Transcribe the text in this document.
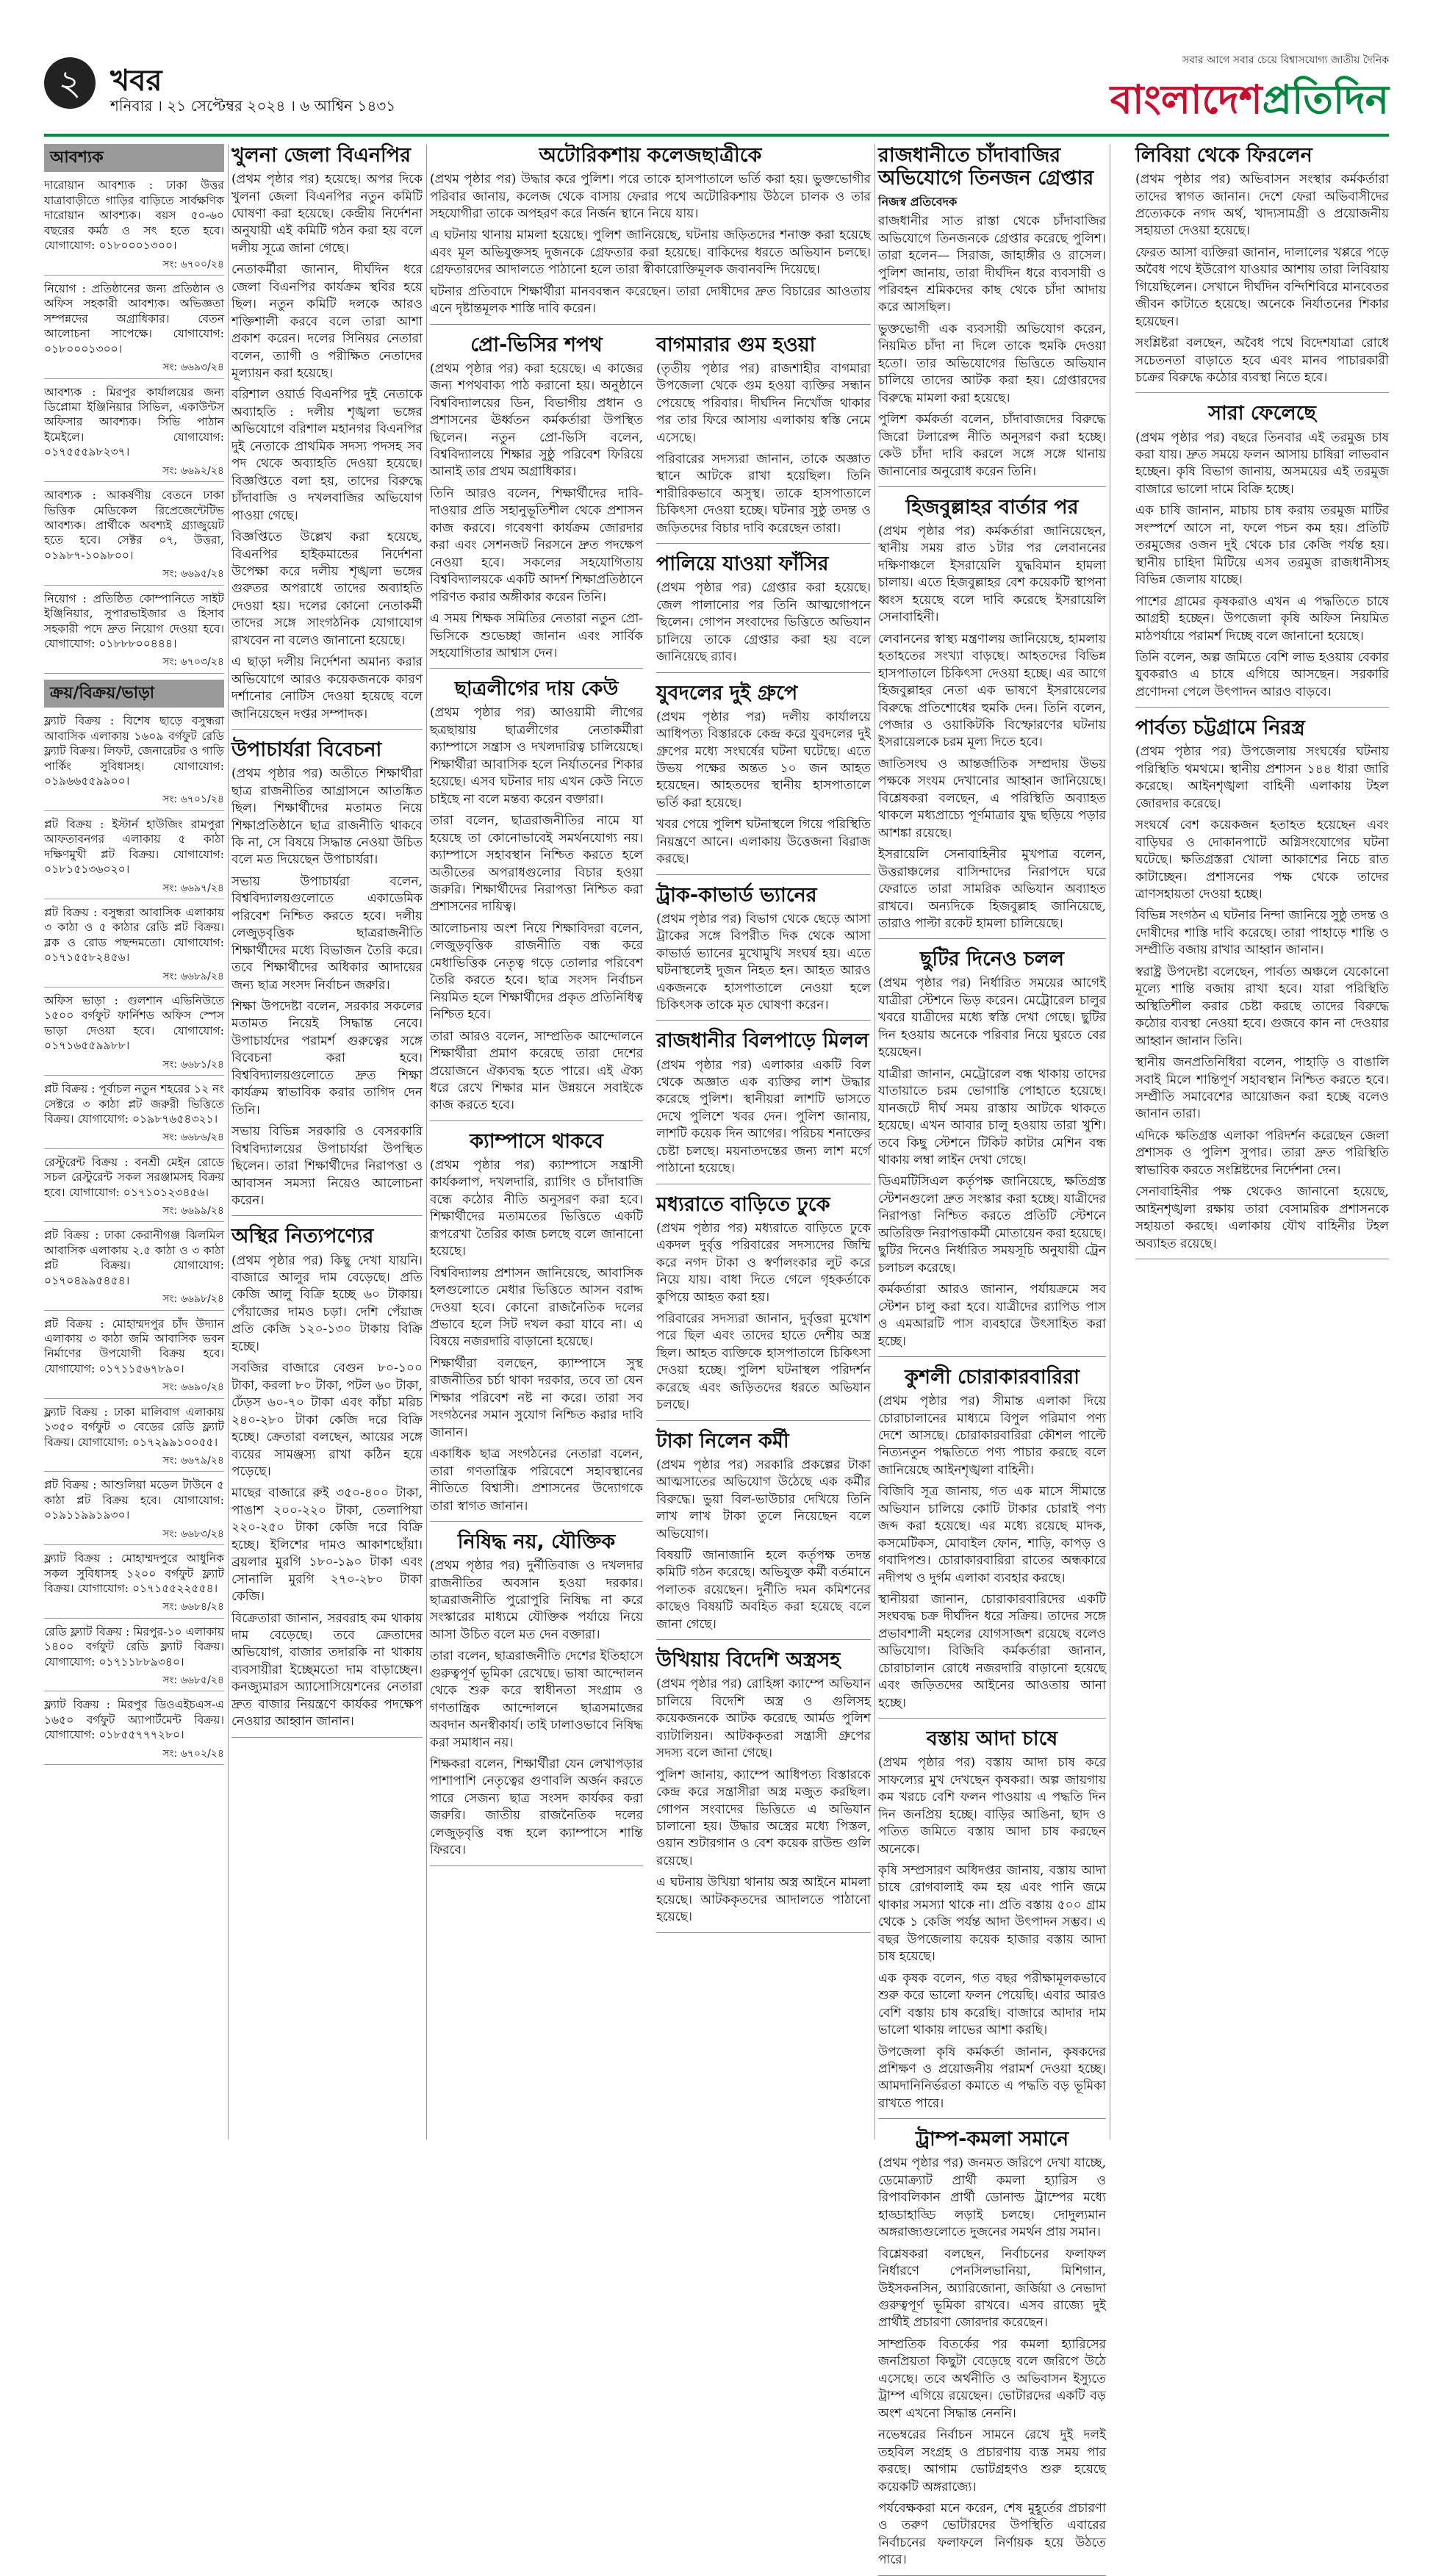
২ খবর
শনিবার । ২১ সেপ্টেম্বর ২০২৪ । ৬ আশ্বিন ১৪৩১
সবার আগে সবার চেয়ে বিশ্বাসযোগ্য জাতীয় দৈনিক
বাংলাদেশপ্রতিদিন
আবশ্যক

দারোয়ান আবশ্যক : ঢাকা উত্তর যাত্রাবাড়ীতে গাড়ির বাড়িতে সার্বক্ষণিক দারোয়ান আবশ্যক। বয়স ৫০-৬০ বছরের কর্মঠ ও সৎ হতে হবে। যোগাযোগ: ০১৮০০০১৩০০।

সং: ৬৭০০/২৪

নিয়োগ : প্রতিষ্ঠানের জন্য প্রতিষ্ঠান ও অফিস সহকারী আবশ্যক। অভিজ্ঞতা সম্পন্নদের অগ্রাধিকার। বেতন আলোচনা সাপেক্ষে। যোগাযোগ: ০১৮০০০১৩০০।

সং: ৬৬৯৩/২৪

আবশ্যক : মিরপুর কার্যালয়ের জন্য ডিপ্লোমা ইঞ্জিনিয়ার সিভিল, একাউন্টস অফিসার আবশ্যক। সিভি পাঠান ইমেইলে। যোগাযোগ: ০১৭৫৫৫৯৮২৩৭।

সং: ৬৬৯২/২৪

আবশ্যক : আকর্ষণীয় বেতনে ঢাকা ভিত্তিক মেডিকেল রিপ্রেজেন্টেটিভ আবশ্যক। প্রার্থীকে অবশ্যই গ্র্যাজুয়েট হতে হবে। সেক্টর ০৭, উত্তরা, ০১৯৮৭-১০৯৮০০।

সং: ৬৬৯৫/২৪

নিয়োগ : প্রতিষ্ঠিত কোম্পানিতে সাইট ইঞ্জিনিয়ার, সুপারভাইজার ও হিসাব সহকারী পদে দ্রুত নিয়োগ দেওয়া হবে। যোগাযোগ: ০১৮৮৮০০৪৪৪।

সং: ৬৭০৩/২৪
ক্রয়/বিক্রয়/ভাড়া

ফ্ল্যাট বিক্রয় : বিশেষ ছাড়ে বসুন্ধরা আবাসিক এলাকায় ১৬০৯ বর্গফুট রেডি ফ্ল্যাট বিক্রয়। লিফট, জেনারেটর ও গাড়ি পার্কিং সুবিধাসহ। যোগাযোগ: ০১৯৬৬৫৫৯৯০০।

সং: ৬৭০১/২৪

প্লট বিক্রয় : ইস্টার্ন হাউজিং রামপুরা আফতাবনগর এলাকায় ৫ কাঠা দক্ষিণমুখী প্লট বিক্রয়। যোগাযোগ: ০১৮১৫১৩৬০২০।

সং: ৬৬৯৭/২৪

প্লট বিক্রয় : বসুন্ধরা আবাসিক এলাকায় ৩ কাঠা ও ৫ কাঠার রেডি প্লট বিক্রয়। ব্লক ও রোড পছন্দমতো। যোগাযোগ: ০১৭১৫৫৮২৪৫৬।

সং: ৬৬৮৯/২৪

অফিস ভাড়া : গুলশান এভিনিউতে ১৫০০ বর্গফুট ফার্নিশড অফিস স্পেস ভাড়া দেওয়া হবে। যোগাযোগ: ০১৭১৬৫৫৯৯৮৮।

সং: ৬৬৮১/২৪

প্লট বিক্রয় : পূর্বাচল নতুন শহরের ১২ নং সেক্টরে ৩ কাঠা প্লট জরুরী ভিত্তিতে বিক্রয়। যোগাযোগ: ০১৯৮৭৬৫৪৩২১।

সং: ৬৬৮৬/২৪

রেস্টুরেন্ট বিক্রয় : বনশ্রী মেইন রোডে সচল রেস্টুরেন্ট সকল সরঞ্জামসহ বিক্রয় হবে। যোগাযোগ: ০১৭১০১২৩৪৫৬।

সং: ৬৬৯৯/২৪

প্লট বিক্রয় : ঢাকা কেরানীগঞ্জ ঝিলমিল আবাসিক এলাকায় ২.৫ কাঠা ও ৩ কাঠা প্লট বিক্রয়। যোগাযোগ: ০১৭০৪৯৯৫৪৫৪।

সং: ৬৬৯৮/২৪

প্লট বিক্রয় : মোহাম্মদপুর চাঁদ উদ্যান এলাকায় ৩ কাঠা জমি আবাসিক ভবন নির্মাণের উপযোগী বিক্রয় হবে। যোগাযোগ: ০১৭১১৫৬৭৮৯০।

সং: ৬৬৯০/২৪

ফ্ল্যাট বিক্রয় : ঢাকা মালিবাগ এলাকায় ১৩৫০ বর্গফুট ৩ বেডের রেডি ফ্ল্যাট বিক্রয়। যোগাযোগ: ০১৭২৯৯১০০৫৫।

সং: ৬৬৭৯/২৪

প্লট বিক্রয় : আশুলিয়া মডেল টাউনে ৫ কাঠা প্লট বিক্রয় হবে। যোগাযোগ: ০১৯১১৯৯১৯৩০।

সং: ৬৬৮৩/২৪

ফ্ল্যাট বিক্রয় : মোহাম্মদপুরে আধুনিক সকল সুবিধাসহ ১২০০ বর্গফুট ফ্ল্যাট বিক্রয়। যোগাযোগ: ০১৭১৫৫২২৫৫৪।

সং: ৬৬৮৪/২৪

রেডি ফ্ল্যাট বিক্রয় : মিরপুর-১০ এলাকায় ১৪০০ বর্গফুট রেডি ফ্ল্যাট বিক্রয়। যোগাযোগ: ০১৭১১৮৮৯৩৪০।

সং: ৬৬৮৫/২৪

ফ্ল্যাট বিক্রয় : মিরপুর ডিওএইচএস-এ ১৬৫০ বর্গফুট অ্যাপার্টমেন্ট বিক্রয়। যোগাযোগ: ০১৮৫৫৭৭৭২৮০।

সং: ৬৭০২/২৪
খুলনা জেলা বিএনপির

(প্রথম পৃষ্ঠার পর) হয়েছে। অপর দিকে খুলনা জেলা বিএনপির নতুন কমিটি ঘোষণা করা হয়েছে। কেন্দ্রীয় নির্দেশনা অনুযায়ী এই কমিটি গঠন করা হয় বলে দলীয় সূত্রে জানা গেছে।

নেতাকর্মীরা জানান, দীর্ঘদিন ধরে জেলা বিএনপির কার্যক্রম স্থবির হয়ে ছিল। নতুন কমিটি দলকে আরও শক্তিশালী করবে বলে তারা আশা প্রকাশ করেন। দলের সিনিয়র নেতারা বলেন, ত্যাগী ও পরীক্ষিত নেতাদের মূল্যায়ন করা হয়েছে।

বরিশাল ওয়ার্ড বিএনপির দুই নেতাকে অব্যাহতি : দলীয় শৃঙ্খলা ভঙ্গের অভিযোগে বরিশাল মহানগর বিএনপির দুই নেতাকে প্রাথমিক সদস্য পদসহ সব পদ থেকে অব্যাহতি দেওয়া হয়েছে। বিজ্ঞপ্তিতে বলা হয়, তাদের বিরুদ্ধে চাঁদাবাজি ও দখলবাজির অভিযোগ পাওয়া গেছে।

বিজ্ঞপ্তিতে উল্লেখ করা হয়েছে, বিএনপির হাইকমান্ডের নির্দেশনা উপেক্ষা করে দলীয় শৃঙ্খলা ভঙ্গের গুরুতর অপরাধে তাদের অব্যাহতি দেওয়া হয়। দলের কোনো নেতাকর্মী তাদের সঙ্গে সাংগঠনিক যোগাযোগ রাখবেন না বলেও জানানো হয়েছে।

এ ছাড়া দলীয় নির্দেশনা অমান্য করার অভিযোগে আরও কয়েকজনকে কারণ দর্শানোর নোটিস দেওয়া হয়েছে বলে জানিয়েছেন দপ্তর সম্পাদক।

উপাচার্যরা বিবেচনা

(প্রথম পৃষ্ঠার পর) অতীতে শিক্ষার্থীরা ছাত্র রাজনীতির আগ্রাসনে আতঙ্কিত ছিল। শিক্ষার্থীদের মতামত নিয়ে শিক্ষাপ্রতিষ্ঠানে ছাত্র রাজনীতি থাকবে কি না, সে বিষয়ে সিদ্ধান্ত নেওয়া উচিত বলে মত দিয়েছেন উপাচার্যরা।

সভায় উপাচার্যরা বলেন, বিশ্ববিদ্যালয়গুলোতে একাডেমিক পরিবেশ নিশ্চিত করতে হবে। দলীয় লেজুড়বৃত্তিক ছাত্ররাজনীতি শিক্ষার্থীদের মধ্যে বিভাজন তৈরি করে। তবে শিক্ষার্থীদের অধিকার আদায়ের জন্য ছাত্র সংসদ নির্বাচন জরুরি।

শিক্ষা উপদেষ্টা বলেন, সরকার সকলের মতামত নিয়েই সিদ্ধান্ত নেবে। উপাচার্যদের পরামর্শ গুরুত্বের সঙ্গে বিবেচনা করা হবে। বিশ্ববিদ্যালয়গুলোতে দ্রুত শিক্ষা কার্যক্রম স্বাভাবিক করার তাগিদ দেন তিনি।

সভায় বিভিন্ন সরকারি ও বেসরকারি বিশ্ববিদ্যালয়ের উপাচার্যরা উপস্থিত ছিলেন। তারা শিক্ষার্থীদের নিরাপত্তা ও আবাসন সমস্যা নিয়েও আলোচনা করেন।

অস্থির নিত্যপণ্যের

(প্রথম পৃষ্ঠার পর) কিছু দেখা যায়নি। বাজারে আলুর দাম বেড়েছে। প্রতি কেজি আলু বিক্রি হচ্ছে ৬০ টাকায়। পেঁয়াজের দামও চড়া। দেশি পেঁয়াজ প্রতি কেজি ১২০-১৩০ টাকায় বিক্রি হচ্ছে।

সবজির বাজারে বেগুন ৮০-১০০ টাকা, করলা ৮০ টাকা, পটল ৬০ টাকা, ঢেঁড়স ৬০-৭০ টাকা এবং কাঁচা মরিচ ২৪০-২৮০ টাকা কেজি দরে বিক্রি হচ্ছে। ক্রেতারা বলছেন, আয়ের সঙ্গে ব্যয়ের সামঞ্জস্য রাখা কঠিন হয়ে পড়েছে।

মাছের বাজারে রুই ৩৫০-৪০০ টাকা, পাঙাশ ২০০-২২০ টাকা, তেলাপিয়া ২২০-২৫০ টাকা কেজি দরে বিক্রি হচ্ছে। ইলিশের দামও আকাশছোঁয়া। ব্রয়লার মুরগি ১৮০-১৯০ টাকা এবং সোনালি মুরগি ২৭০-২৮০ টাকা কেজি।

বিক্রেতারা জানান, সরবরাহ কম থাকায় দাম বেড়েছে। তবে ক্রেতাদের অভিযোগ, বাজার তদারকি না থাকায় ব্যবসায়ীরা ইচ্ছেমতো দাম বাড়াচ্ছেন। কনজ্যুমারস অ্যাসোসিয়েশনের নেতারা দ্রুত বাজার নিয়ন্ত্রণে কার্যকর পদক্ষেপ নেওয়ার আহ্বান জানান।

অটোরিকশায় কলেজছাত্রীকে

(প্রথম পৃষ্ঠার পর) উদ্ধার করে পুলিশ। পরে তাকে হাসপাতালে ভর্তি করা হয়। ভুক্তভোগীর পরিবার জানায়, কলেজ থেকে বাসায় ফেরার পথে অটোরিকশায় উঠলে চালক ও তার সহযোগীরা তাকে অপহরণ করে নির্জন স্থানে নিয়ে যায়।

এ ঘটনায় থানায় মামলা হয়েছে। পুলিশ জানিয়েছে, ঘটনায় জড়িতদের শনাক্ত করা হয়েছে এবং মূল অভিযুক্তসহ দুজনকে গ্রেফতার করা হয়েছে। বাকিদের ধরতে অভিযান চলছে। গ্রেফতারদের আদালতে পাঠানো হলে তারা স্বীকারোক্তিমূলক জবানবন্দি দিয়েছে।

ঘটনার প্রতিবাদে শিক্ষার্থীরা মানববন্ধন করেছেন। তারা দোষীদের দ্রুত বিচারের আওতায় এনে দৃষ্টান্তমূলক শাস্তি দাবি করেন।

প্রো-ভিসির শপথ

(প্রথম পৃষ্ঠার পর) করা হয়েছে। এ কাজের জন্য শপথবাক্য পাঠ করানো হয়। অনুষ্ঠানে বিশ্ববিদ্যালয়ের ডিন, বিভাগীয় প্রধান ও প্রশাসনের ঊর্ধ্বতন কর্মকর্তারা উপস্থিত ছিলেন। নতুন প্রো-ভিসি বলেন, বিশ্ববিদ্যালয়ে শিক্ষার সুষ্ঠু পরিবেশ ফিরিয়ে আনাই তার প্রথম অগ্রাধিকার।

তিনি আরও বলেন, শিক্ষার্থীদের দাবি-দাওয়ার প্রতি সহানুভূতিশীল থেকে প্রশাসন কাজ করবে। গবেষণা কার্যক্রম জোরদার করা এবং সেশনজট নিরসনে দ্রুত পদক্ষেপ নেওয়া হবে। সকলের সহযোগিতায় বিশ্ববিদ্যালয়কে একটি আদর্শ শিক্ষাপ্রতিষ্ঠানে পরিণত করার অঙ্গীকার করেন তিনি।

এ সময় শিক্ষক সমিতির নেতারা নতুন প্রো-ভিসিকে শুভেচ্ছা জানান এবং সার্বিক সহযোগিতার আশ্বাস দেন।

ছাত্রলীগের দায় কেউ

(প্রথম পৃষ্ঠার পর) আওয়ামী লীগের ছত্রছায়ায় ছাত্রলীগের নেতাকর্মীরা ক্যাম্পাসে সন্ত্রাস ও দখলদারিত্ব চালিয়েছে। শিক্ষার্থীরা আবাসিক হলে নির্যাতনের শিকার হয়েছে। এসব ঘটনার দায় এখন কেউ নিতে চাইছে না বলে মন্তব্য করেন বক্তারা।

তারা বলেন, ছাত্ররাজনীতির নামে যা হয়েছে তা কোনোভাবেই সমর্থনযোগ্য নয়। ক্যাম্পাসে সহাবস্থান নিশ্চিত করতে হলে অতীতের অপরাধগুলোর বিচার হওয়া জরুরি। শিক্ষার্থীদের নিরাপত্তা নিশ্চিত করা প্রশাসনের দায়িত্ব।

আলোচনায় অংশ নিয়ে শিক্ষাবিদরা বলেন, লেজুড়বৃত্তিক রাজনীতি বন্ধ করে মেধাভিত্তিক নেতৃত্ব গড়ে তোলার পরিবেশ তৈরি করতে হবে। ছাত্র সংসদ নির্বাচন নিয়মিত হলে শিক্ষার্থীদের প্রকৃত প্রতিনিধিত্ব নিশ্চিত হবে।

তারা আরও বলেন, সাম্প্রতিক আন্দোলনে শিক্ষার্থীরা প্রমাণ করেছে তারা দেশের প্রয়োজনে ঐক্যবদ্ধ হতে পারে। এই ঐক্য ধরে রেখে শিক্ষার মান উন্নয়নে সবাইকে কাজ করতে হবে।

ক্যাম্পাসে থাকবে

(প্রথম পৃষ্ঠার পর) ক্যাম্পাসে সন্ত্রাসী কার্যকলাপ, দখলদারি, র‍্যাগিং ও চাঁদাবাজি বন্ধে কঠোর নীতি অনুসরণ করা হবে। শিক্ষার্থীদের মতামতের ভিত্তিতে একটি রূপরেখা তৈরির কাজ চলছে বলে জানানো হয়েছে।

বিশ্ববিদ্যালয় প্রশাসন জানিয়েছে, আবাসিক হলগুলোতে মেধার ভিত্তিতে আসন বরাদ্দ দেওয়া হবে। কোনো রাজনৈতিক দলের প্রভাবে হলে সিট দখল করা যাবে না। এ বিষয়ে নজরদারি বাড়ানো হয়েছে।

শিক্ষার্থীরা বলছেন, ক্যাম্পাসে সুস্থ রাজনীতির চর্চা থাকা দরকার, তবে তা যেন শিক্ষার পরিবেশ নষ্ট না করে। তারা সব সংগঠনের সমান সুযোগ নিশ্চিত করার দাবি জানান।

একাধিক ছাত্র সংগঠনের নেতারা বলেন, তারা গণতান্ত্রিক পরিবেশে সহাবস্থানের নীতিতে বিশ্বাসী। প্রশাসনের উদ্যোগকে তারা স্বাগত জানান।

নিষিদ্ধ নয়, যৌক্তিক

(প্রথম পৃষ্ঠার পর) দুর্নীতিবাজ ও দখলদার রাজনীতির অবসান হওয়া দরকার। ছাত্ররাজনীতি পুরোপুরি নিষিদ্ধ না করে সংস্কারের মাধ্যমে যৌক্তিক পর্যায়ে নিয়ে আসা উচিত বলে মত দেন বক্তারা।

তারা বলেন, ছাত্ররাজনীতি দেশের ইতিহাসে গুরুত্বপূর্ণ ভূমিকা রেখেছে। ভাষা আন্দোলন থেকে শুরু করে স্বাধীনতা সংগ্রাম ও গণতান্ত্রিক আন্দোলনে ছাত্রসমাজের অবদান অনস্বীকার্য। তাই ঢালাওভাবে নিষিদ্ধ করা সমাধান নয়।

শিক্ষকরা বলেন, শিক্ষার্থীরা যেন লেখাপড়ার পাশাপাশি নেতৃত্বের গুণাবলি অর্জন করতে পারে সেজন্য ছাত্র সংসদ কার্যকর করা জরুরি। জাতীয় রাজনৈতিক দলের লেজুড়বৃত্তি বন্ধ হলে ক্যাম্পাসে শান্তি ফিরবে।

বাগমারার গুম হওয়া

(তৃতীয় পৃষ্ঠার পর) রাজশাহীর বাগমারা উপজেলা থেকে গুম হওয়া ব্যক্তির সন্ধান পেয়েছে পরিবার। দীর্ঘদিন নিখোঁজ থাকার পর তার ফিরে আসায় এলাকায় স্বস্তি নেমে এসেছে।

পরিবারের সদস্যরা জানান, তাকে অজ্ঞাত স্থানে আটকে রাখা হয়েছিল। তিনি শারীরিকভাবে অসুস্থ। তাকে হাসপাতালে চিকিৎসা দেওয়া হচ্ছে। ঘটনার সুষ্ঠু তদন্ত ও জড়িতদের বিচার দাবি করেছেন তারা।

পালিয়ে যাওয়া ফাঁসির

(প্রথম পৃষ্ঠার পর) গ্রেপ্তার করা হয়েছে। জেল পালানোর পর তিনি আত্মগোপনে ছিলেন। গোপন সংবাদের ভিত্তিতে অভিযান চালিয়ে তাকে গ্রেপ্তার করা হয় বলে জানিয়েছে র‍্যাব।

যুবদলের দুই গ্রুপে

(প্রথম পৃষ্ঠার পর) দলীয় কার্যালয়ে আধিপত্য বিস্তারকে কেন্দ্র করে যুবদলের দুই গ্রুপের মধ্যে সংঘর্ষের ঘটনা ঘটেছে। এতে উভয় পক্ষের অন্তত ১০ জন আহত হয়েছেন। আহতদের স্থানীয় হাসপাতালে ভর্তি করা হয়েছে।

খবর পেয়ে পুলিশ ঘটনাস্থলে গিয়ে পরিস্থিতি নিয়ন্ত্রণে আনে। এলাকায় উত্তেজনা বিরাজ করছে।

ট্রাক-কাভার্ড ভ্যানের

(প্রথম পৃষ্ঠার পর) বিভাগ থেকে ছেড়ে আসা ট্রাকের সঙ্গে বিপরীত দিক থেকে আসা কাভার্ড ভ্যানের মুখোমুখি সংঘর্ষ হয়। এতে ঘটনাস্থলেই দুজন নিহত হন। আহত আরও একজনকে হাসপাতালে নেওয়া হলে চিকিৎসক তাকে মৃত ঘোষণা করেন।

রাজধানীর বিলপাড়ে মিলল

(প্রথম পৃষ্ঠার পর) এলাকার একটি বিল থেকে অজ্ঞাত এক ব্যক্তির লাশ উদ্ধার করেছে পুলিশ। স্থানীয়রা লাশটি ভাসতে দেখে পুলিশে খবর দেন। পুলিশ জানায়, লাশটি কয়েক দিন আগের। পরিচয় শনাক্তের চেষ্টা চলছে। ময়নাতদন্তের জন্য লাশ মর্গে পাঠানো হয়েছে।

মধ্যরাতে বাড়িতে ঢুকে

(প্রথম পৃষ্ঠার পর) মধ্যরাতে বাড়িতে ঢুকে একদল দুর্বৃত্ত পরিবারের সদস্যদের জিম্মি করে নগদ টাকা ও স্বর্ণালংকার লুট করে নিয়ে যায়। বাধা দিতে গেলে গৃহকর্তাকে কুপিয়ে আহত করা হয়।

পরিবারের সদস্যরা জানান, দুর্বৃত্তরা মুখোশ পরে ছিল এবং তাদের হাতে দেশীয় অস্ত্র ছিল। আহত ব্যক্তিকে হাসপাতালে চিকিৎসা দেওয়া হচ্ছে। পুলিশ ঘটনাস্থল পরিদর্শন করেছে এবং জড়িতদের ধরতে অভিযান চলছে।

টাকা নিলেন কর্মী

(প্রথম পৃষ্ঠার পর) সরকারি প্রকল্পের টাকা আত্মসাতের অভিযোগ উঠেছে এক কর্মীর বিরুদ্ধে। ভুয়া বিল-ভাউচার দেখিয়ে তিনি লাখ লাখ টাকা তুলে নিয়েছেন বলে অভিযোগ।

বিষয়টি জানাজানি হলে কর্তৃপক্ষ তদন্ত কমিটি গঠন করেছে। অভিযুক্ত কর্মী বর্তমানে পলাতক রয়েছেন। দুর্নীতি দমন কমিশনের কাছেও বিষয়টি অবহিত করা হয়েছে বলে জানা গেছে।

উখিয়ায় বিদেশি অস্ত্রসহ

(প্রথম পৃষ্ঠার পর) রোহিঙ্গা ক্যাম্পে অভিযান চালিয়ে বিদেশি অস্ত্র ও গুলিসহ কয়েকজনকে আটক করেছে আর্মড পুলিশ ব্যাটালিয়ন। আটককৃতরা সন্ত্রাসী গ্রুপের সদস্য বলে জানা গেছে।

পুলিশ জানায়, ক্যাম্পে আধিপত্য বিস্তারকে কেন্দ্র করে সন্ত্রাসীরা অস্ত্র মজুত করছিল। গোপন সংবাদের ভিত্তিতে এ অভিযান চালানো হয়। উদ্ধার অস্ত্রের মধ্যে পিস্তল, ওয়ান শুটারগান ও বেশ কয়েক রাউন্ড গুলি রয়েছে।

এ ঘটনায় উখিয়া থানায় অস্ত্র আইনে মামলা হয়েছে। আটককৃতদের আদালতে পাঠানো হয়েছে।

রাজধানীতে চাঁদাবাজির অভিযোগে তিনজন গ্রেপ্তার
নিজস্ব প্রতিবেদক

রাজধানীর সাত রাস্তা থেকে চাঁদাবাজির অভিযোগে তিনজনকে গ্রেপ্তার করেছে পুলিশ। তারা হলেন— সিরাজ, জাহাঙ্গীর ও রাসেল। পুলিশ জানায়, তারা দীর্ঘদিন ধরে ব্যবসায়ী ও পরিবহন শ্রমিকদের কাছ থেকে চাঁদা আদায় করে আসছিল।

ভুক্তভোগী এক ব্যবসায়ী অভিযোগ করেন, নিয়মিত চাঁদা না দিলে তাকে হুমকি দেওয়া হতো। তার অভিযোগের ভিত্তিতে অভিযান চালিয়ে তাদের আটক করা হয়। গ্রেপ্তারদের বিরুদ্ধে মামলা করা হয়েছে।

পুলিশ কর্মকর্তা বলেন, চাঁদাবাজদের বিরুদ্ধে জিরো টলারেন্স নীতি অনুসরণ করা হচ্ছে। কেউ চাঁদা দাবি করলে সঙ্গে সঙ্গে থানায় জানানোর অনুরোধ করেন তিনি।

হিজবুল্লাহর বার্তার পর

(প্রথম পৃষ্ঠার পর) কর্মকর্তারা জানিয়েছেন, স্থানীয় সময় রাত ১টার পর লেবাননের দক্ষিণাঞ্চলে ইসরায়েলি যুদ্ধবিমান হামলা চালায়। এতে হিজবুল্লাহর বেশ কয়েকটি স্থাপনা ধ্বংস হয়েছে বলে দাবি করেছে ইসরায়েলি সেনাবাহিনী।

লেবাননের স্বাস্থ্য মন্ত্রণালয় জানিয়েছে, হামলায় হতাহতের সংখ্যা বাড়ছে। আহতদের বিভিন্ন হাসপাতালে চিকিৎসা দেওয়া হচ্ছে। এর আগে হিজবুল্লাহর নেতা এক ভাষণে ইসরায়েলের বিরুদ্ধে প্রতিশোধের হুমকি দেন। তিনি বলেন, পেজার ও ওয়াকিটকি বিস্ফোরণের ঘটনায় ইসরায়েলকে চরম মূল্য দিতে হবে।

জাতিসংঘ ও আন্তর্জাতিক সম্প্রদায় উভয় পক্ষকে সংযম দেখানোর আহ্বান জানিয়েছে। বিশ্লেষকরা বলছেন, এ পরিস্থিতি অব্যাহত থাকলে মধ্যপ্রাচ্যে পূর্ণমাত্রার যুদ্ধ ছড়িয়ে পড়ার আশঙ্কা রয়েছে।

ইসরায়েলি সেনাবাহিনীর মুখপাত্র বলেন, উত্তরাঞ্চলের বাসিন্দাদের নিরাপদে ঘরে ফেরাতে তারা সামরিক অভিযান অব্যাহত রাখবে। অন্যদিকে হিজবুল্লাহ জানিয়েছে, তারাও পাল্টা রকেট হামলা চালিয়েছে।

ছুটির দিনেও চলল

(প্রথম পৃষ্ঠার পর) নির্ধারিত সময়ের আগেই যাত্রীরা স্টেশনে ভিড় করেন। মেট্রোরেল চালুর খবরে যাত্রীদের মধ্যে স্বস্তি দেখা গেছে। ছুটির দিন হওয়ায় অনেকে পরিবার নিয়ে ঘুরতে বের হয়েছেন।

যাত্রীরা জানান, মেট্রোরেল বন্ধ থাকায় তাদের যাতায়াতে চরম ভোগান্তি পোহাতে হয়েছে। যানজটে দীর্ঘ সময় রাস্তায় আটকে থাকতে হয়েছে। এখন আবার চালু হওয়ায় তারা খুশি। তবে কিছু স্টেশনে টিকিট কাটার মেশিন বন্ধ থাকায় লম্বা লাইন দেখা গেছে।

ডিএমটিসিএল কর্তৃপক্ষ জানিয়েছে, ক্ষতিগ্রস্ত স্টেশনগুলো দ্রুত সংস্কার করা হচ্ছে। যাত্রীদের নিরাপত্তা নিশ্চিত করতে প্রতিটি স্টেশনে অতিরিক্ত নিরাপত্তাকর্মী মোতায়েন করা হয়েছে। ছুটির দিনেও নির্ধারিত সময়সূচি অনুযায়ী ট্রেন চলাচল করেছে।

কর্মকর্তারা আরও জানান, পর্যায়ক্রমে সব স্টেশন চালু করা হবে। যাত্রীদের র‍্যাপিড পাস ও এমআরটি পাস ব্যবহারে উৎসাহিত করা হচ্ছে।

কুশলী চোরাকারবারিরা

(প্রথম পৃষ্ঠার পর) সীমান্ত এলাকা দিয়ে চোরাচালানের মাধ্যমে বিপুল পরিমাণ পণ্য দেশে আসছে। চোরাকারবারিরা কৌশল পাল্টে নিত্যনতুন পদ্ধতিতে পণ্য পাচার করছে বলে জানিয়েছে আইনশৃঙ্খলা বাহিনী।

বিজিবি সূত্র জানায়, গত এক মাসে সীমান্তে অভিযান চালিয়ে কোটি টাকার চোরাই পণ্য জব্দ করা হয়েছে। এর মধ্যে রয়েছে মাদক, কসমেটিকস, মোবাইল ফোন, শাড়ি, কাপড় ও গবাদিপশু। চোরাকারবারিরা রাতের অন্ধকারে নদীপথ ও দুর্গম এলাকা ব্যবহার করছে।

স্থানীয়রা জানান, চোরাকারবারিদের একটি সংঘবদ্ধ চক্র দীর্ঘদিন ধরে সক্রিয়। তাদের সঙ্গে প্রভাবশালী মহলের যোগসাজশ রয়েছে বলেও অভিযোগ। বিজিবি কর্মকর্তারা জানান, চোরাচালান রোধে নজরদারি বাড়ানো হয়েছে এবং জড়িতদের আইনের আওতায় আনা হচ্ছে।

বস্তায় আদা চাষে

(প্রথম পৃষ্ঠার পর) বস্তায় আদা চাষ করে সাফল্যের মুখ দেখছেন কৃষকরা। অল্প জায়গায় কম খরচে বেশি ফলন পাওয়ায় এ পদ্ধতি দিন দিন জনপ্রিয় হচ্ছে। বাড়ির আঙিনা, ছাদ ও পতিত জমিতে বস্তায় আদা চাষ করছেন অনেকে।

কৃষি সম্প্রসারণ অধিদপ্তর জানায়, বস্তায় আদা চাষে রোগবালাই কম হয় এবং পানি জমে থাকার সমস্যা থাকে না। প্রতি বস্তায় ৫০০ গ্রাম থেকে ১ কেজি পর্যন্ত আদা উৎপাদন সম্ভব। এ বছর উপজেলায় কয়েক হাজার বস্তায় আদা চাষ হয়েছে।

এক কৃষক বলেন, গত বছর পরীক্ষামূলকভাবে শুরু করে ভালো ফলন পেয়েছি। এবার আরও বেশি বস্তায় চাষ করেছি। বাজারে আদার দাম ভালো থাকায় লাভের আশা করছি।

উপজেলা কৃষি কর্মকর্তা জানান, কৃষকদের প্রশিক্ষণ ও প্রয়োজনীয় পরামর্শ দেওয়া হচ্ছে। আমদানিনির্ভরতা কমাতে এ পদ্ধতি বড় ভূমিকা রাখতে পারে।

ট্রাম্প-কমলা সমানে

(প্রথম পৃষ্ঠার পর) জনমত জরিপে দেখা যাচ্ছে, ডেমোক্র্যাট প্রার্থী কমলা হ্যারিস ও রিপাবলিকান প্রার্থী ডোনাল্ড ট্রাম্পের মধ্যে হাড্ডাহাড্ডি লড়াই চলছে। দোদুল্যমান অঙ্গরাজ্যগুলোতে দুজনের সমর্থন প্রায় সমান।

বিশ্লেষকরা বলছেন, নির্বাচনের ফলাফল নির্ধারণে পেনসিলভানিয়া, মিশিগান, উইসকনসিন, অ্যারিজোনা, জর্জিয়া ও নেভাদা গুরুত্বপূর্ণ ভূমিকা রাখবে। এসব রাজ্যে দুই প্রার্থীই প্রচারণা জোরদার করেছেন।

সাম্প্রতিক বিতর্কের পর কমলা হ্যারিসের জনপ্রিয়তা কিছুটা বেড়েছে বলে জরিপে উঠে এসেছে। তবে অর্থনীতি ও অভিবাসন ইস্যুতে ট্রাম্প এগিয়ে রয়েছেন। ভোটারদের একটি বড় অংশ এখনো সিদ্ধান্ত নেননি।

নভেম্বরের নির্বাচন সামনে রেখে দুই দলই তহবিল সংগ্রহ ও প্রচারণায় ব্যস্ত সময় পার করছে। আগাম ভোটগ্রহণও শুরু হয়েছে কয়েকটি অঙ্গরাজ্যে।

পর্যবেক্ষকরা মনে করেন, শেষ মুহূর্তের প্রচারণা ও তরুণ ভোটারদের উপস্থিতি এবারের নির্বাচনের ফলাফলে নির্ণায়ক হয়ে উঠতে পারে।

লিবিয়া থেকে ফিরলেন

(প্রথম পৃষ্ঠার পর) অভিবাসন সংস্থার কর্মকর্তারা তাদের স্বাগত জানান। দেশে ফেরা অভিবাসীদের প্রত্যেককে নগদ অর্থ, খাদ্যসামগ্রী ও প্রয়োজনীয় সহায়তা দেওয়া হয়েছে।

ফেরত আসা ব্যক্তিরা জানান, দালালের খপ্পরে পড়ে অবৈধ পথে ইউরোপ যাওয়ার আশায় তারা লিবিয়ায় গিয়েছিলেন। সেখানে দীর্ঘদিন বন্দিশিবিরে মানবেতর জীবন কাটাতে হয়েছে। অনেকে নির্যাতনের শিকার হয়েছেন।

সংশ্লিষ্টরা বলছেন, অবৈধ পথে বিদেশযাত্রা রোধে সচেতনতা বাড়াতে হবে এবং মানব পাচারকারী চক্রের বিরুদ্ধে কঠোর ব্যবস্থা নিতে হবে।

সারা ফেলেছে

(প্রথম পৃষ্ঠার পর) বছরে তিনবার এই তরমুজ চাষ করা যায়। দ্রুত সময়ে ফলন আসায় চাষিরা লাভবান হচ্ছেন। কৃষি বিভাগ জানায়, অসময়ের এই তরমুজ বাজারে ভালো দামে বিক্রি হচ্ছে।

এক চাষি জানান, মাচায় চাষ করায় তরমুজ মাটির সংস্পর্শে আসে না, ফলে পচন কম হয়। প্রতিটি তরমুজের ওজন দুই থেকে চার কেজি পর্যন্ত হয়। স্থানীয় চাহিদা মিটিয়ে এসব তরমুজ রাজধানীসহ বিভিন্ন জেলায় যাচ্ছে।

পাশের গ্রামের কৃষকরাও এখন এ পদ্ধতিতে চাষে আগ্রহী হচ্ছেন। উপজেলা কৃষি অফিস নিয়মিত মাঠপর্যায়ে পরামর্শ দিচ্ছে বলে জানানো হয়েছে।

তিনি বলেন, অল্প জমিতে বেশি লাভ হওয়ায় বেকার যুবকরাও এ চাষে এগিয়ে আসছেন। সরকারি প্রণোদনা পেলে উৎপাদন আরও বাড়বে।

পার্বত্য চট্টগ্রামে নিরস্ত্র

(প্রথম পৃষ্ঠার পর) উপজেলায় সংঘর্ষের ঘটনায় পরিস্থিতি থমথমে। স্থানীয় প্রশাসন ১৪৪ ধারা জারি করেছে। আইনশৃঙ্খলা বাহিনী এলাকায় টহল জোরদার করেছে।

সংঘর্ষে বেশ কয়েকজন হতাহত হয়েছেন এবং বাড়িঘর ও দোকানপাটে অগ্নিসংযোগের ঘটনা ঘটেছে। ক্ষতিগ্রস্তরা খোলা আকাশের নিচে রাত কাটাচ্ছেন। প্রশাসনের পক্ষ থেকে তাদের ত্রাণসহায়তা দেওয়া হচ্ছে।

বিভিন্ন সংগঠন এ ঘটনার নিন্দা জানিয়ে সুষ্ঠু তদন্ত ও দোষীদের শাস্তি দাবি করেছে। তারা পাহাড়ে শান্তি ও সম্প্রীতি বজায় রাখার আহ্বান জানান।

স্বরাষ্ট্র উপদেষ্টা বলেছেন, পার্বত্য অঞ্চলে যেকোনো মূল্যে শান্তি বজায় রাখা হবে। যারা পরিস্থিতি অস্থিতিশীল করার চেষ্টা করছে তাদের বিরুদ্ধে কঠোর ব্যবস্থা নেওয়া হবে। গুজবে কান না দেওয়ার আহ্বান জানান তিনি।

স্থানীয় জনপ্রতিনিধিরা বলেন, পাহাড়ি ও বাঙালি সবাই মিলে শান্তিপূর্ণ সহাবস্থান নিশ্চিত করতে হবে। সম্প্রীতি সমাবেশের আয়োজন করা হচ্ছে বলেও জানান তারা।

এদিকে ক্ষতিগ্রস্ত এলাকা পরিদর্শন করেছেন জেলা প্রশাসক ও পুলিশ সুপার। তারা দ্রুত পরিস্থিতি স্বাভাবিক করতে সংশ্লিষ্টদের নির্দেশনা দেন।

সেনাবাহিনীর পক্ষ থেকেও জানানো হয়েছে, আইনশৃঙ্খলা রক্ষায় তারা বেসামরিক প্রশাসনকে সহায়তা করছে। এলাকায় যৌথ বাহিনীর টহল অব্যাহত রয়েছে।
